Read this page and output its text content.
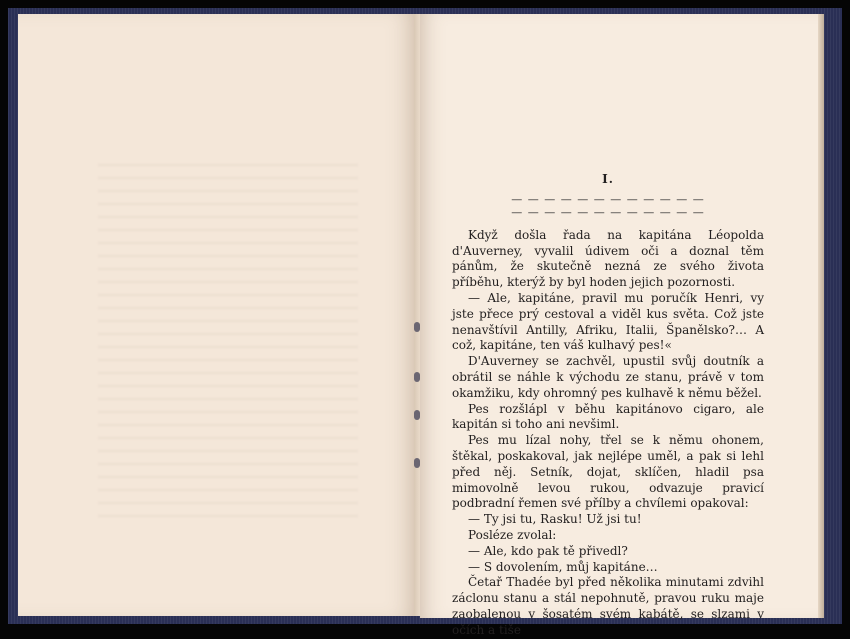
I.
— — — — — — — — — — — —
— — — — — — — — — — — —

Když došla řada na kapitána Léopolda d'Auverney, vyvalil údivem oči a doznal těm pánům, že skutečně nezná ze svého života příběhu, kterýž by byl hoden jejich pozornosti.

— Ale, kapitáne, pravil mu poručík Henri, vy jste přece prý cestoval a viděl kus světa. Což jste nenavštívil Antilly, Afriku, Italii, Španělsko?… A což, kapitáne, ten váš kulhavý pes!«

D'Auverney se zachvěl, upustil svůj doutník a obrátil se náhle k východu ze stanu, právě v tom okamžiku, kdy ohromný pes kulhavě k němu běžel.

Pes rozšlápl v běhu kapitánovo cigaro, ale kapitán si toho ani nevšiml.

Pes mu lízal nohy, třel se k němu ohonem, štěkal, poskakoval, jak nejlépe uměl, a pak si lehl před něj. Setník, dojat, sklíčen, hladil psa mimovolně levou rukou, odvazuje pravicí podbradní řemen své přílby a chvílemi opakoval:

— Ty jsi tu, Rasku! Už jsi tu!

Posléze zvolal:

— Ale, kdo pak tě přivedl?

— S dovolením, můj kapitáne…

Četař Thadée byl před několika minutami zdvihl záclonu stanu a stál nepohnutě, pravou ruku maje zaobalenou v šosatém svém kabátě, se slzami v očích a tiše
